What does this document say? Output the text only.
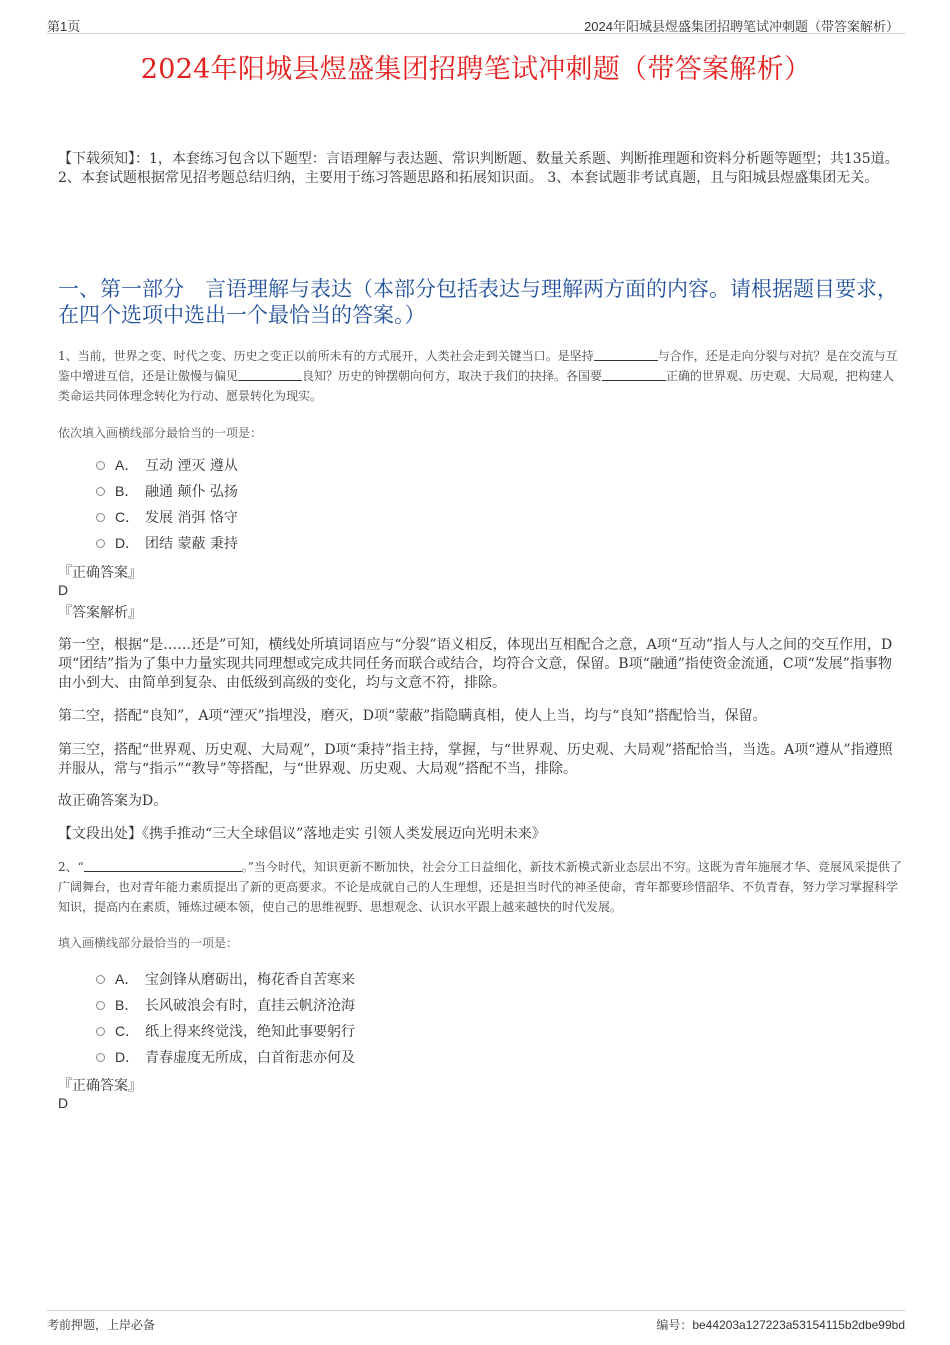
第1页	2024年阳城县煜盛集团招聘笔试冲刺题（带答案解析）
2024年阳城县煜盛集团招聘笔试冲刺题（带答案解析）
【下载须知】：1，本套练习包含以下题型：言语理解与表达题、常识判断题、数量关系题、判断推理题和资料分析题等题型；共135道。 2、本套试题根据常见招考题总结归纳，主要用于练习答题思路和拓展知识面。 3、本套试题非考试真题，且与阳城县煜盛集团无关。
一、第一部分　言语理解与表达（本部分包括表达与理解两方面的内容。请根据题目要求，在四个选项中选出一个最恰当的答案。）
1、当前，世界之变、时代之变、历史之变正以前所未有的方式展开，人类社会走到关键当口。是坚持	与合作，还是走向分裂与对抗？是在交流与互鉴中增进互信，还是让傲慢与偏见	良知？历史的钟摆朝向何方，取决于我们的抉择。各国要	正确的世界观、历史观、大局观，把构建人类命运共同体理念转化为行动、愿景转化为现实。
依次填入画横线部分最恰当的一项是：
A． 互动 湮灭 遵从
B． 融通 颠仆 弘扬
C． 发展 消弭 恪守
D． 团结 蒙蔽 秉持
『正确答案』
D
『答案解析』
第一空，根据“是……还是”可知，横线处所填词语应与“分裂”语义相反，体现出互相配合之意，A项“互动”指人与人之间的交互作用，D项“团结”指为了集中力量实现共同理想或完成共同任务而联合或结合，均符合文意，保留。B项“融通”指使资金流通，C项“发展”指事物由小到大、由简单到复杂、由低级到高级的变化，均与文意不符，排除。
第二空，搭配“良知”，A项“湮灭”指埋没，磨灭，D项“蒙蔽”指隐瞒真相，使人上当，均与“良知”搭配恰当，保留。
第三空，搭配“世界观、历史观、大局观”，D项“秉持”指主持，掌握，与“世界观、历史观、大局观”搭配恰当，当选。A项“遵从”指遵照并服从，常与“指示”“教导”等搭配，与“世界观、历史观、大局观”搭配不当，排除。
故正确答案为D。
【文段出处】《携手推动“三大全球倡议”落地走实 引领人类发展迈向光明未来》
2、“	。”当今时代，知识更新不断加快，社会分工日益细化，新技术新模式新业态层出不穷。这既为青年施展才华、竞展风采提供了广阔舞台，也对青年能力素质提出了新的更高要求。不论是成就自己的人生理想，还是担当时代的神圣使命，青年都要珍惜韶华、不负青春，努力学习掌握科学知识，提高内在素质，锤炼过硬本领，使自己的思维视野、思想观念、认识水平跟上越来越快的时代发展。
填入画横线部分最恰当的一项是：
A． 宝剑锋从磨砺出，梅花香自苦寒来
B． 长风破浪会有时，直挂云帆济沧海
C． 纸上得来终觉浅，绝知此事要躬行
D． 青春虚度无所成，白首衔悲亦何及
『正确答案』
D
考前押题，上岸必备	编号：be44203a127223a53154115b2dbe99bd
